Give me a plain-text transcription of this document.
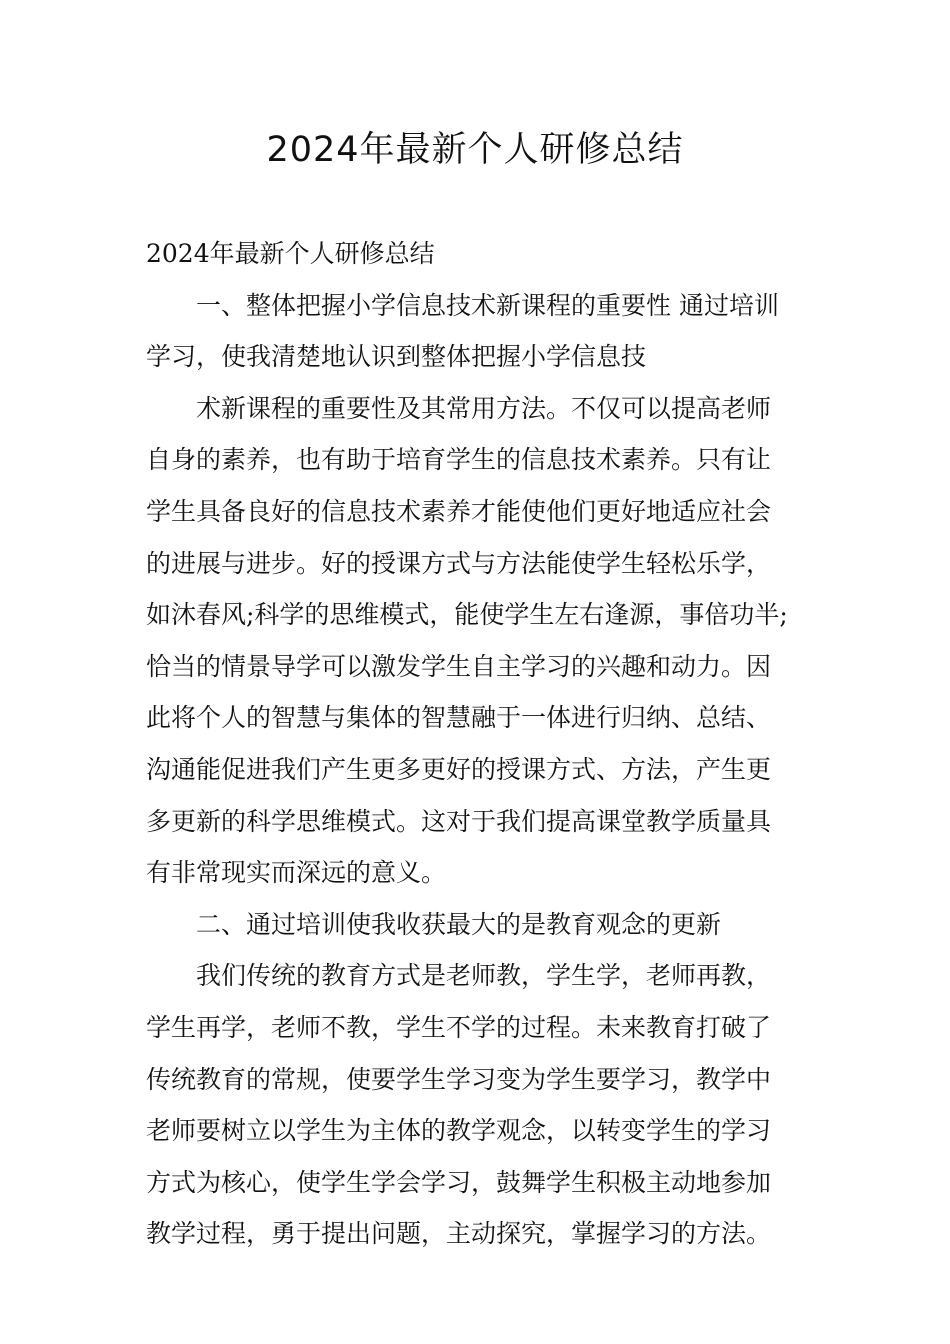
2024年最新个人研修总结
2024年最新个人研修总结
一、整体把握小学信息技术新课程的重要性 通过培训
学习，使我清楚地认识到整体把握小学信息技
术新课程的重要性及其常用方法。不仅可以提高老师
自身的素养，也有助于培育学生的信息技术素养。只有让
学生具备良好的信息技术素养才能使他们更好地适应社会
的进展与进步。好的授课方式与方法能使学生轻松乐学，
如沐春风;科学的思维模式，能使学生左右逢源，事倍功半;
恰当的情景导学可以激发学生自主学习的兴趣和动力。因
此将个人的智慧与集体的智慧融于一体进行归纳、总结、
沟通能促进我们产生更多更好的授课方式、方法，产生更
多更新的科学思维模式。这对于我们提高课堂教学质量具
有非常现实而深远的意义。
二、通过培训使我收获最大的是教育观念的更新
我们传统的教育方式是老师教，学生学，老师再教，
学生再学，老师不教，学生不学的过程。未来教育打破了
传统教育的常规，使要学生学习变为学生要学习，教学中
老师要树立以学生为主体的教学观念，以转变学生的学习
方式为核心，使学生学会学习，鼓舞学生积极主动地参加
教学过程，勇于提出问题，主动探究，掌握学习的方法。
